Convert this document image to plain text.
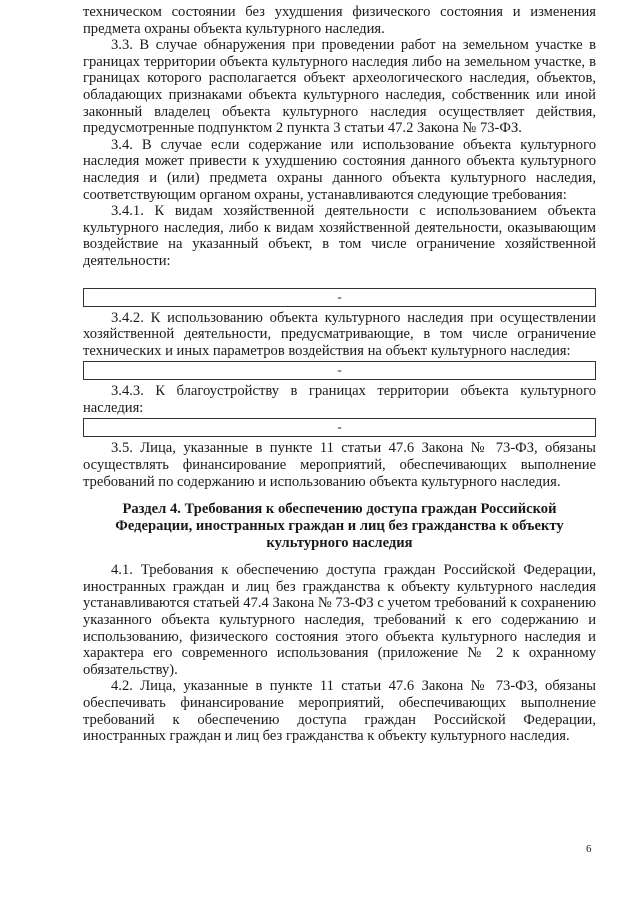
техническом состоянии без ухудшения физического состояния и изменения предмета охраны объекта культурного наследия.

3.3. В случае обнаружения при проведении работ на земельном участке в границах территории объекта культурного наследия либо на земельном участке, в границах которого располагается объект археологического наследия, объектов, обладающих признаками объекта культурного наследия, собственник или иной законный владелец объекта культурного наследия осуществляет действия, предусмотренные подпунктом 2 пункта 3 статьи 47.2 Закона № 73-ФЗ.

3.4. В случае если содержание или использование объекта культурного наследия может привести к ухудшению состояния данного объекта культурного наследия и (или) предмета охраны данного объекта культурного наследия, соответствующим органом охраны, устанавливаются следующие требования:

3.4.1. К видам хозяйственной деятельности с использованием объекта культурного наследия, либо к видам хозяйственной деятельности, оказывающим воздействие на указанный объект, в том числе ограничение хозяйственной деятельности:

-

3.4.2. К использованию объекта культурного наследия при осуществлении хозяйственной деятельности, предусматривающие, в том числе ограничение технических и иных параметров воздействия на объект культурного наследия:

-

3.4.3. К благоустройству в границах территории объекта культурного наследия:

-

3.5. Лица, указанные в пункте 11 статьи 47.6 Закона № 73-ФЗ, обязаны осуществлять финансирование мероприятий, обеспечивающих выполнение требований по содержанию и использованию объекта культурного наследия.

Раздел 4. Требования к обеспечению доступа граждан Российской Федерации, иностранных граждан и лиц без гражданства к объекту культурного наследия

4.1. Требования к обеспечению доступа граждан Российской Федерации, иностранных граждан и лиц без гражданства к объекту культурного наследия устанавливаются статьей 47.4 Закона № 73-ФЗ с учетом требований к сохранению указанного объекта культурного наследия, требований к его содержанию и использованию, физического состояния этого объекта культурного наследия и характера его современного использования (приложение № 2 к охранному обязательству).

4.2. Лица, указанные в пункте 11 статьи 47.6 Закона № 73-ФЗ, обязаны обеспечивать финансирование мероприятий, обеспечивающих выполнение требований к обеспечению доступа граждан Российской Федерации, иностранных граждан и лиц без гражданства к объекту культурного наследия.

6
